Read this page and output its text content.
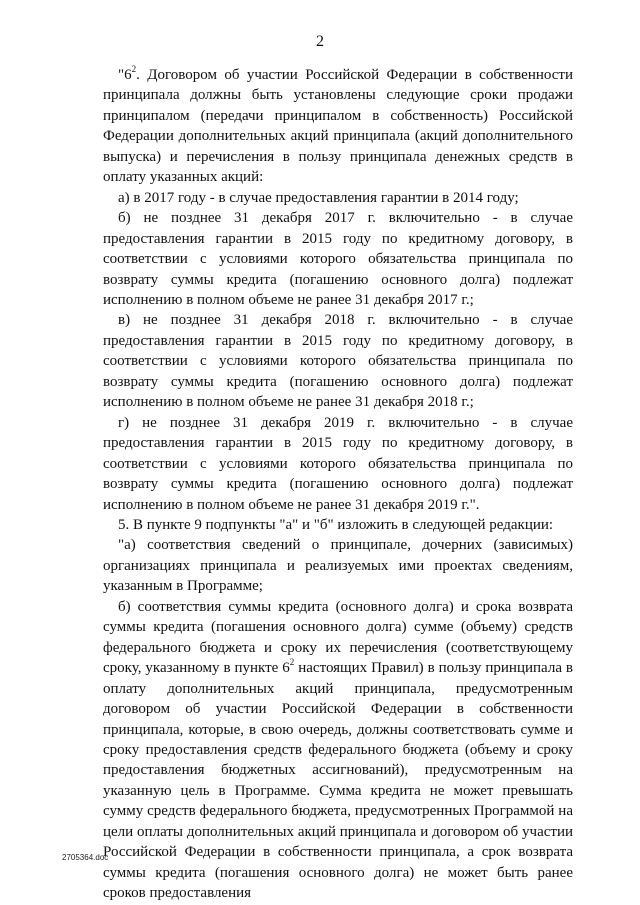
2

"$6^2$. Договором об участии Российской Федерации в собственности принципала должны быть установлены следующие сроки продажи принципалом (передачи принципалом в собственность) Российской Федерации дополнительных акций принципала (акций дополнительного выпуска) и перечисления в пользу принципала денежных средств в оплату указанных акций:

а) в 2017 году - в случае предоставления гарантии в 2014 году;

б) не позднее 31 декабря 2017 г. включительно - в случае предоставления гарантии в 2015 году по кредитному договору, в соответствии с условиями которого обязательства принципала по возврату суммы кредита (погашению основного долга) подлежат исполнению в полном объеме не ранее 31 декабря 2017 г.;

в) не позднее 31 декабря 2018 г. включительно - в случае предоставления гарантии в 2015 году по кредитному договору, в соответствии с условиями которого обязательства принципала по возврату суммы кредита (погашению основного долга) подлежат исполнению в полном объеме не ранее 31 декабря 2018 г.;

г) не позднее 31 декабря 2019 г. включительно - в случае предоставления гарантии в 2015 году по кредитному договору, в соответствии с условиями которого обязательства принципала по возврату суммы кредита (погашению основного долга) подлежат исполнению в полном объеме не ранее 31 декабря 2019 г.".

5. В пункте 9 подпункты "а" и "б" изложить в следующей редакции:

"а) соответствия сведений о принципале, дочерних (зависимых) организациях принципала и реализуемых ими проектах сведениям, указанным в Программе;

б) соответствия суммы кредита (основного долга) и срока возврата суммы кредита (погашения основного долга) сумме (объему) средств федерального бюджета и сроку их перечисления (соответствующему сроку, указанному в пункте $6^2$ настоящих Правил) в пользу принципала в оплату дополнительных акций принципала, предусмотренным договором об участии Российской Федерации в собственности принципала, которые, в свою очередь, должны соответствовать сумме и сроку предоставления средств федерального бюджета (объему и сроку предоставления бюджетных ассигнований), предусмотренным на указанную цель в Программе. Сумма кредита не может превышать сумму средств федерального бюджета, предусмотренных Программой на цели оплаты дополнительных акций принципала и договором об участии Российской Федерации в собственности принципала, а срок возврата суммы кредита (погашения основного долга) не может быть ранее сроков предоставления

2705364.doc
